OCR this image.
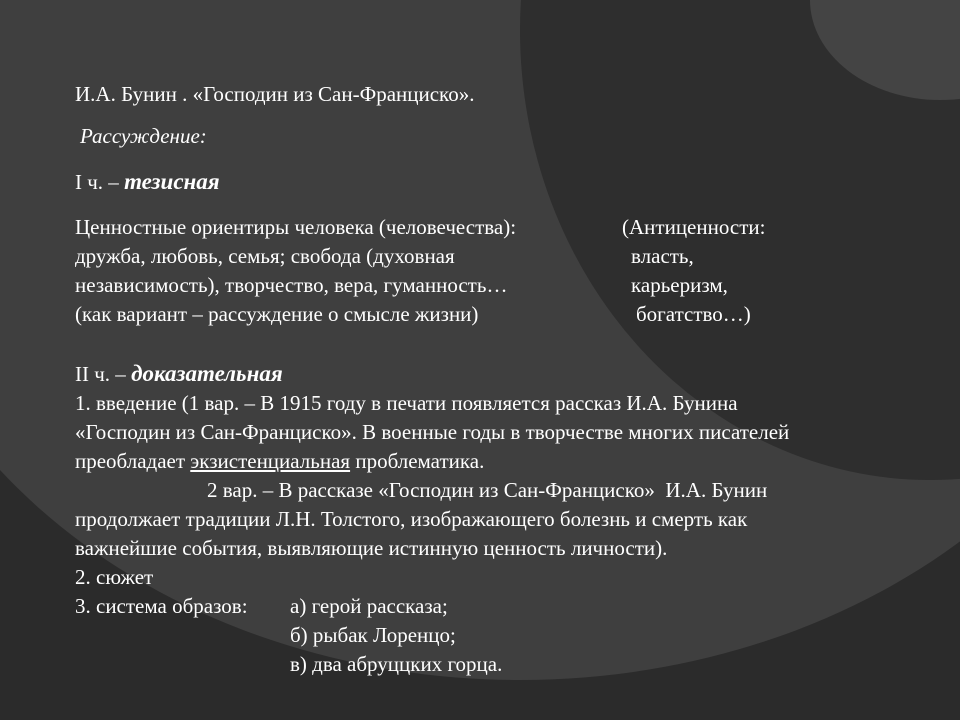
И.А. Бунин . «Господин из Сан-Франциско».
Рассуждение:
I ч. – тезисная
Ценностные ориентиры человека (человечества):
дружба, любовь, семья; свобода (духовная
независимость), творчество, вера, гуманность…
(как вариант – рассуждение о смысле жизни)
(Антиценности:
власть,
карьеризм,
богатство…)
II ч. – доказательная
1. введение (1 вар. – В 1915 году в печати появляется рассказ И.А. Бунина
«Господин из Сан-Франциско». В военные годы в творчестве многих писателей
преобладает экзистенциальная проблематика.
2 вар. – В рассказе «Господин из Сан-Франциско»  И.А. Бунин
продолжает традиции Л.Н. Толстого, изображающего болезнь и смерть как
важнейшие события, выявляющие истинную ценность личности).
2. сюжет
3. система образов: а) герой рассказа;
б) рыбак Лоренцо;
в) два абруццких горца.
